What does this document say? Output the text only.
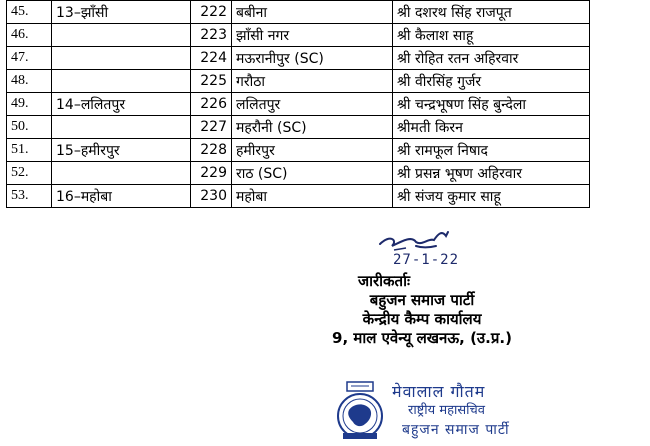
45.	13–झाँसी	222	बबीना	श्री दशरथ सिंह राजपूत
46.		223	झाँसी नगर	श्री कैलाश साहू
47.		224	मऊरानीपुर (SC)	श्री रोहित रतन अहिरवार
48.		225	गरौठा	श्री वीरसिंह गुर्जर
49.	14–ललितपुर	226	ललितपुर	श्री चन्द्रभूषण सिंह बुन्देला
50.		227	महरौनी (SC)	श्रीमती किरन
51.	15–हमीरपुर	228	हमीरपुर	श्री रामफूल निषाद
52.		229	राठ (SC)	श्री प्रसन्न भूषण अहिरवार
53.	16–महोबा	230	महोबा	श्री संजय कुमार साहू
27-1-22
जारीकर्ताः
बहुजन समाज पार्टी
केन्द्रीय कैम्प कार्यालय
9, माल एवेन्यू लखनऊ, (उ.प्र.)
मेवालाल गौतम
राष्ट्रीय महासचिव
बहुजन समाज पार्टी
